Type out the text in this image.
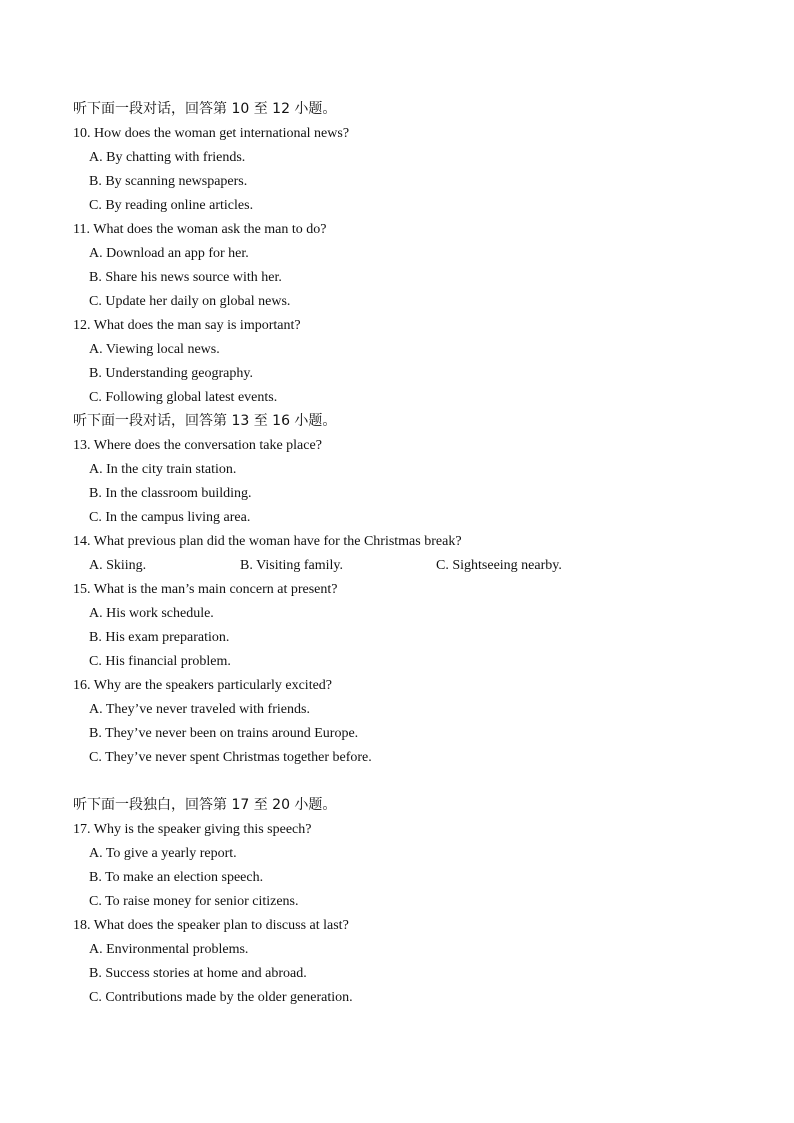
听下面一段对话，回答第 10 至 12 小题。
10. How does the woman get international news?
A. By chatting with friends.
B. By scanning newspapers.
C. By reading online articles.
11. What does the woman ask the man to do?
A. Download an app for her.
B. Share his news source with her.
C. Update her daily on global news.
12. What does the man say is important?
A. Viewing local news.
B. Understanding geography.
C. Following global latest events.
听下面一段对话，回答第 13 至 16 小题。
13. Where does the conversation take place?
A. In the city train station.
B. In the classroom building.
C. In the campus living area.
14. What previous plan did the woman have for the Christmas break?
A. Skiing.	B. Visiting family.	C. Sightseeing nearby.
15. What is the man’s main concern at present?
A. His work schedule.
B. His exam preparation.
C. His financial problem.
16. Why are the speakers particularly excited?
A. They’ve never traveled with friends.
B. They’ve never been on trains around Europe.
C. They’ve never spent Christmas together before.
听下面一段独白，回答第 17 至 20 小题。
17. Why is the speaker giving this speech?
A. To give a yearly report.
B. To make an election speech.
C. To raise money for senior citizens.
18. What does the speaker plan to discuss at last?
A. Environmental problems.
B. Success stories at home and abroad.
C. Contributions made by the older generation.
